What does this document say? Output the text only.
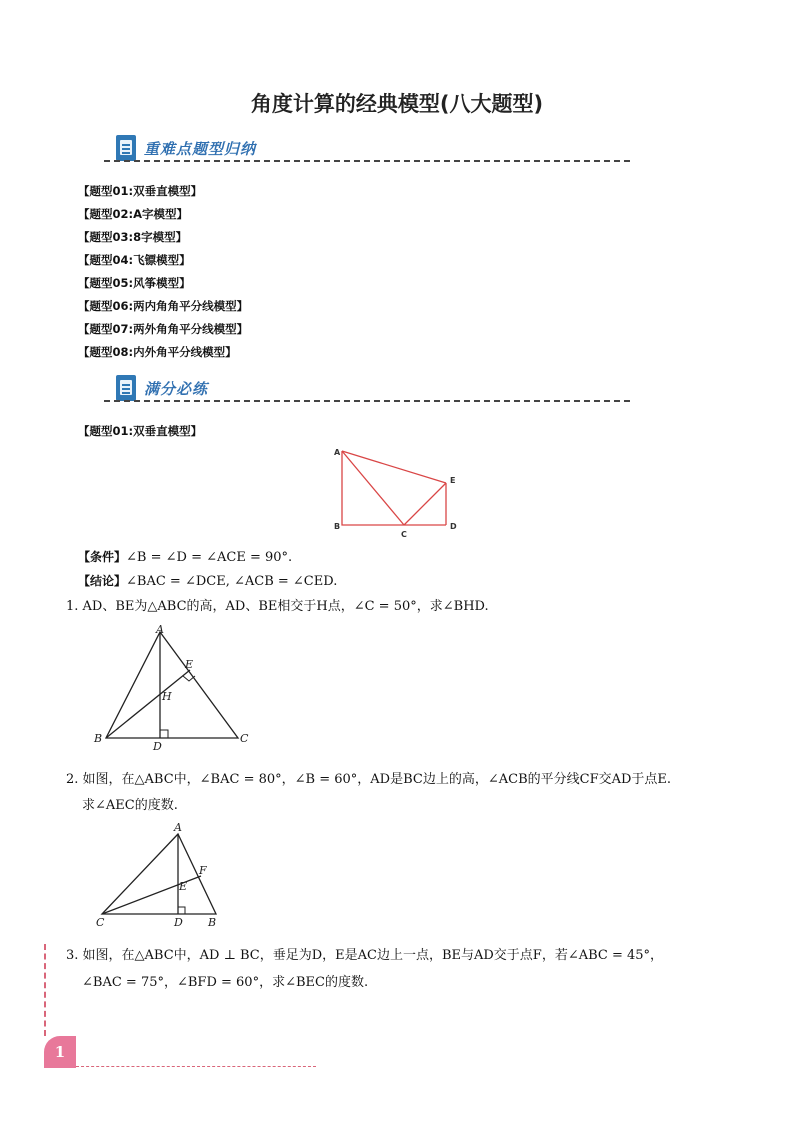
角度计算的经典模型(八大题型)
重难点题型归纳
【题型01:双垂直模型】
【题型02:A字模型】
【题型03:8字模型】
【题型04:飞镖模型】
【题型05:风筝模型】
【题型06:两内角角平分线模型】
【题型07:两外角角平分线模型】
【题型08:内外角平分线模型】
满分必练
【题型01:双垂直模型】
A
B
C
D
E
【条件】∠B = ∠D = ∠ACE = 90°.
【结论】∠BAC = ∠DCE, ∠ACB = ∠CED.
1. AD、BE为△ABC的高，AD、BE相交于H点，∠C = 50°，求∠BHD.
A
B	C
D
E
H
2. 如图，在△ABC中，∠BAC = 80°，∠B = 60°，AD是BC边上的高，∠ACB的平分线CF交AD于点E.
求∠AEC的度数.
A
C	B
D
E
F
3. 如图，在△ABC中，AD ⊥ BC，垂足为D，E是AC边上一点，BE与AD交于点F，若∠ABC = 45°，
∠BAC = 75°，∠BFD = 60°，求∠BEC的度数.
1
